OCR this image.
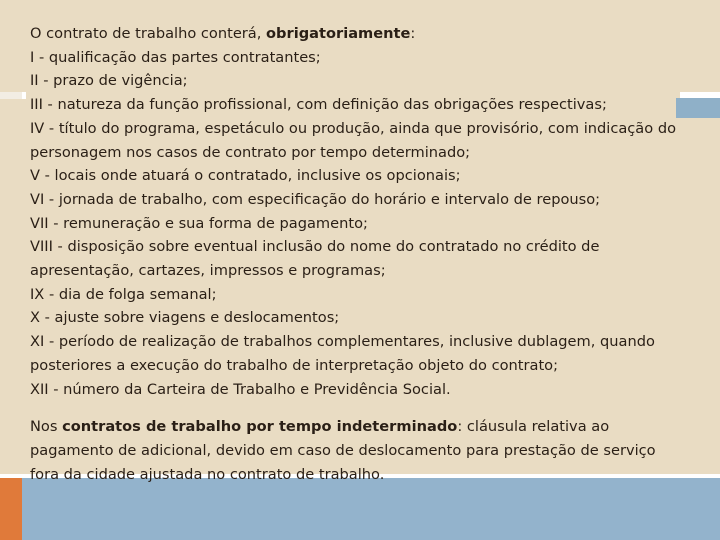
O contrato de trabalho conterá, obrigatoriamente:

I - qualificação das partes contratantes;

II - prazo de vigência;

III - natureza da função profissional, com definição das obrigações respectivas;

IV - título do programa, espetáculo ou produção, ainda que provisório, com indicação do personagem nos casos de contrato por tempo determinado;

V - locais onde atuará o contratado, inclusive os opcionais;

VI - jornada de trabalho, com especificação do horário e intervalo de repouso;

VII - remuneração e sua forma de pagamento;

VIII - disposição sobre eventual inclusão do nome do contratado no crédito de apresentação, cartazes, impressos e programas;

IX - dia de folga semanal;

X - ajuste sobre viagens e deslocamentos;

XI - período de realização de trabalhos complementares, inclusive dublagem, quando posteriores a execução do trabalho de interpretação objeto do contrato;

XII - número da Carteira de Trabalho e Previdência Social.

Nos contratos de trabalho por tempo indeterminado: cláusula relativa ao pagamento de adicional, devido em caso de deslocamento para prestação de serviço fora da cidade ajustada no contrato de trabalho.
